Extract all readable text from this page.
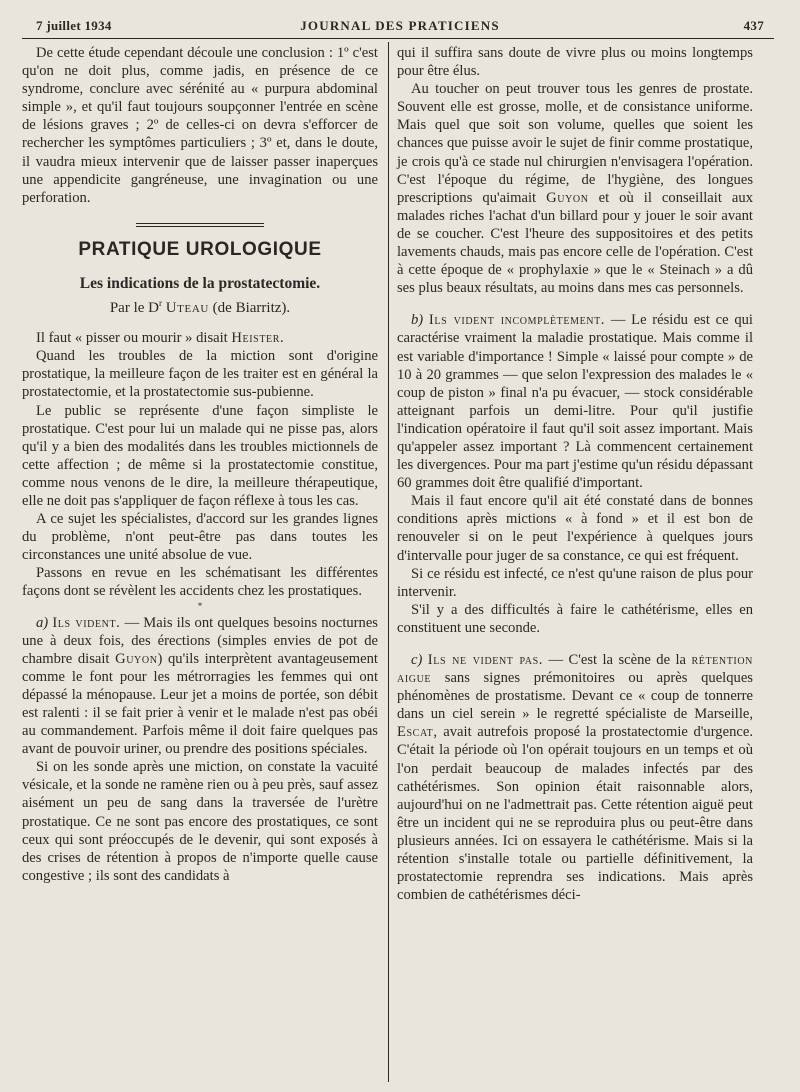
7 juillet 1934	JOURNAL DES PRATICIENS	437

De cette étude cependant découle une conclusion : 1º c'est qu'on ne doit plus, comme jadis, en présence de ce syndrome, conclure avec sérénité au « purpura abdominal simple », et qu'il faut toujours soupçonner l'entrée en scène de lésions graves ; 2º de celles-ci on devra s'efforcer de rechercher les symptômes particuliers ; 3º et, dans le doute, il vaudra mieux intervenir que de laisser passer inaperçues une appendicite gangréneuse, une invagination ou une perforation.

PRATIQUE UROLOGIQUE
Les indications de la prostatectomie.
Par le $D^r$ Uteau (de Biarritz).

Il faut « pisser ou mourir » disait Heister.

Quand les troubles de la miction sont d'origine prostatique, la meilleure façon de les traiter est en général la prostatectomie, et la prostatectomie sus-pubienne.

Le public se représente d'une façon simpliste le prostatique. C'est pour lui un malade qui ne pisse pas, alors qu'il y a bien des modalités dans les troubles mictionnels de cette affection ; de même si la prostatectomie constitue, comme nous venons de le dire, la meilleure thérapeutique, elle ne doit pas s'appliquer de façon réflexe à tous les cas.

A ce sujet les spécialistes, d'accord sur les grandes lignes du problème, n'ont peut-être pas dans toutes les circonstances une unité absolue de vue.

Passons en revue en les schématisant les différentes façons dont se révèlent les accidents chez les prostatiques.

*

a) Ils vident. — Mais ils ont quelques besoins nocturnes une à deux fois, des érections (simples envies de pot de chambre disait Guyon) qu'ils interprètent avantageusement comme le font pour les métrorragies les femmes qui ont dépassé la ménopause. Leur jet a moins de portée, son débit est ralenti : il se fait prier à venir et le malade n'est pas obéi au commandement. Parfois même il doit faire quelques pas avant de pouvoir uriner, ou prendre des positions spéciales.

Si on les sonde après une miction, on constate la vacuité vésicale, et la sonde ne ramène rien ou à peu près, sauf assez aisément un peu de sang dans la traversée de l'urètre prostatique. Ce ne sont pas encore des prostatiques, ce sont ceux qui sont préoccupés de le devenir, qui sont exposés à des crises de rétention à propos de n'importe quelle cause congestive ; ils sont des candidats à

qui il suffira sans doute de vivre plus ou moins longtemps pour être élus.

Au toucher on peut trouver tous les genres de prostate. Souvent elle est grosse, molle, et de consistance uniforme. Mais quel que soit son volume, quelles que soient les chances que puisse avoir le sujet de finir comme prostatique, je crois qu'à ce stade nul chirurgien n'envisagera l'opération. C'est l'époque du régime, de l'hygiène, des longues prescriptions qu'aimait Guyon et où il conseillait aux malades riches l'achat d'un billard pour y jouer le soir avant de se coucher. C'est l'heure des suppositoires et des petits lavements chauds, mais pas encore celle de l'opération. C'est à cette époque de « prophylaxie » que le « Steinach » a dû ses plus beaux résultats, au moins dans mes cas personnels.

b) Ils vident incomplètement. — Le résidu est ce qui caractérise vraiment la maladie prostatique. Mais comme il est variable d'importance ! Simple « laissé pour compte » de 10 à 20 grammes — que selon l'expression des malades le « coup de piston » final n'a pu évacuer, — stock considérable atteignant parfois un demi-litre. Pour qu'il justifie l'indication opératoire il faut qu'il soit assez important. Mais qu'appeler assez important ? Là commencent certainement les divergences. Pour ma part j'estime qu'un résidu dépassant 60 grammes doit être qualifié d'important.

Mais il faut encore qu'il ait été constaté dans de bonnes conditions après mictions « à fond » et il est bon de renouveler si on le peut l'expérience à quelques jours d'intervalle pour juger de sa constance, ce qui est fréquent.

Si ce résidu est infecté, ce n'est qu'une raison de plus pour intervenir.

S'il y a des difficultés à faire le cathétérisme, elles en constituent une seconde.

c) Ils ne vident pas. — C'est la scène de la rétention aigue sans signes prémonitoires ou après quelques phénomènes de prostatisme. Devant ce « coup de tonnerre dans un ciel serein » le regretté spécialiste de Marseille, Escat, avait autrefois proposé la prostatectomie d'urgence. C'était la période où l'on opérait toujours en un temps et où l'on perdait beaucoup de malades infectés par des cathétérismes. Son opinion était raisonnable alors, aujourd'hui on ne l'admettrait pas. Cette rétention aiguë peut être un incident qui ne se reproduira plus ou peut-être dans plusieurs années. Ici on essayera le cathétérisme. Mais si la rétention s'installe totale ou partielle définitivement, la prostatectomie reprendra ses indications. Mais après combien de cathétérismes déci-
